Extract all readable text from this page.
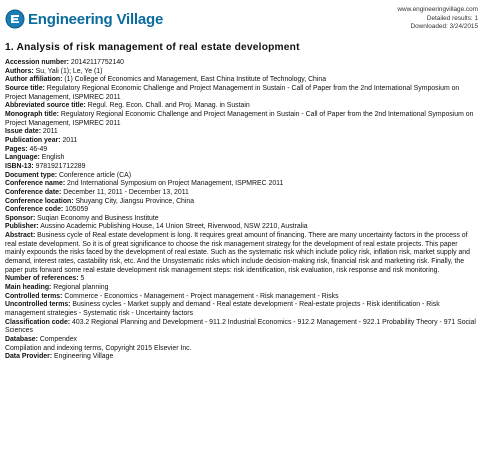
Engineering Village
www.engineeringvillage.com
Detailed results: 1
Downloaded: 3/24/2015
1. Analysis of risk management of real estate development

Accession number: 20142117752140

Authors: Su, Yali (1); Le, Ye (1)

Author affiliation: (1) College of Economics and Management, East China Institute of Technology, China

Source title: Regulatory Regional Economic Challenge and Project Management in Sustain - Call of Paper from the 2nd International Symposium on Project Management, ISPMREC 2011

Abbreviated source title: Regul. Reg. Econ. Chall. and Proj. Manag. in Sustain

Monograph title: Regulatory Regional Economic Challenge and Project Management in Sustain - Call of Paper from the 2nd International Symposium on Project Management, ISPMREC 2011

Issue date: 2011

Publication year: 2011

Pages: 46-49

Language: English

ISBN-13: 9781921712289

Document type: Conference article (CA)

Conference name: 2nd International Symposium on Project Management, ISPMREC 2011

Conference date: December 11, 2011 - December 13, 2011

Conference location: Shuyang City, Jiangsu Province, China

Conference code: 105059

Sponsor: Suqian Economy and Business Institute

Publisher: Aussino Academic Publishing House, 14 Union Street, Riverwood, NSW 2210, Australia

Abstract: Business cycle of Real estate development is long. It requires great amount of financing. There are many uncertainty factors in the process of real estate development. So it is of great significance to choose the risk management strategy for the development of real estate projects. This paper mainly expounds the risks faced by the development of real estate. Such as the systematic risk which include policy risk, inflation risk, market supply and demand, interest rates, castability risk, etc. And the Unsystematic risks which include decision-making risk, financial risk and marketing risk. Finally, the paper puts forward some real estate development risk management steps: risk identification, risk evaluation, risk response and risk monitoring.

Number of references: 5

Main heading: Regional planning

Controlled terms: Commerce - Economics - Management - Project management - Risk management - Risks

Uncontrolled terms: Business cycles - Market supply and demand - Real estate development - Real-estate projects - Risk identification - Risk management strategies - Systematic risk - Uncertainty factors

Classification code: 403.2 Regional Planning and Development - 911.2 Industrial Economics - 912.2 Management - 922.1 Probability Theory - 971 Social Sciences

Database: Compendex

Compilation and indexing terms, Copyright 2015 Elsevier Inc.

Data Provider: Engineering Village
